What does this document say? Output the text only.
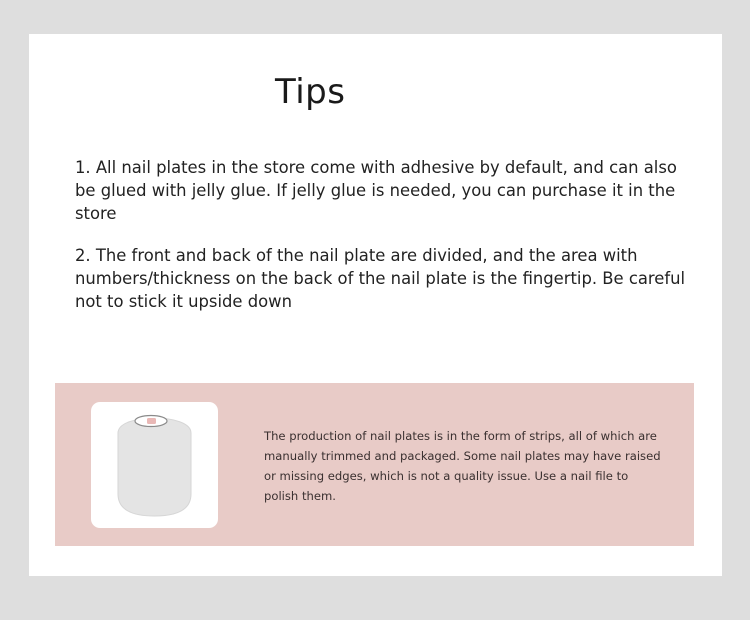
Tips

1. All nail plates in the store come with adhesive by default, and can also be glued with jelly glue. If jelly glue is needed, you can purchase it in the store

2. The front and back of the nail plate are divided, and the area with numbers/thickness on the back of the nail plate is the fingertip. Be careful not to stick it upside down

The production of nail plates is in the form of strips, all of which are manually trimmed and packaged. Some nail plates may have raised or missing edges, which is not a quality issue. Use a nail file to polish them.
